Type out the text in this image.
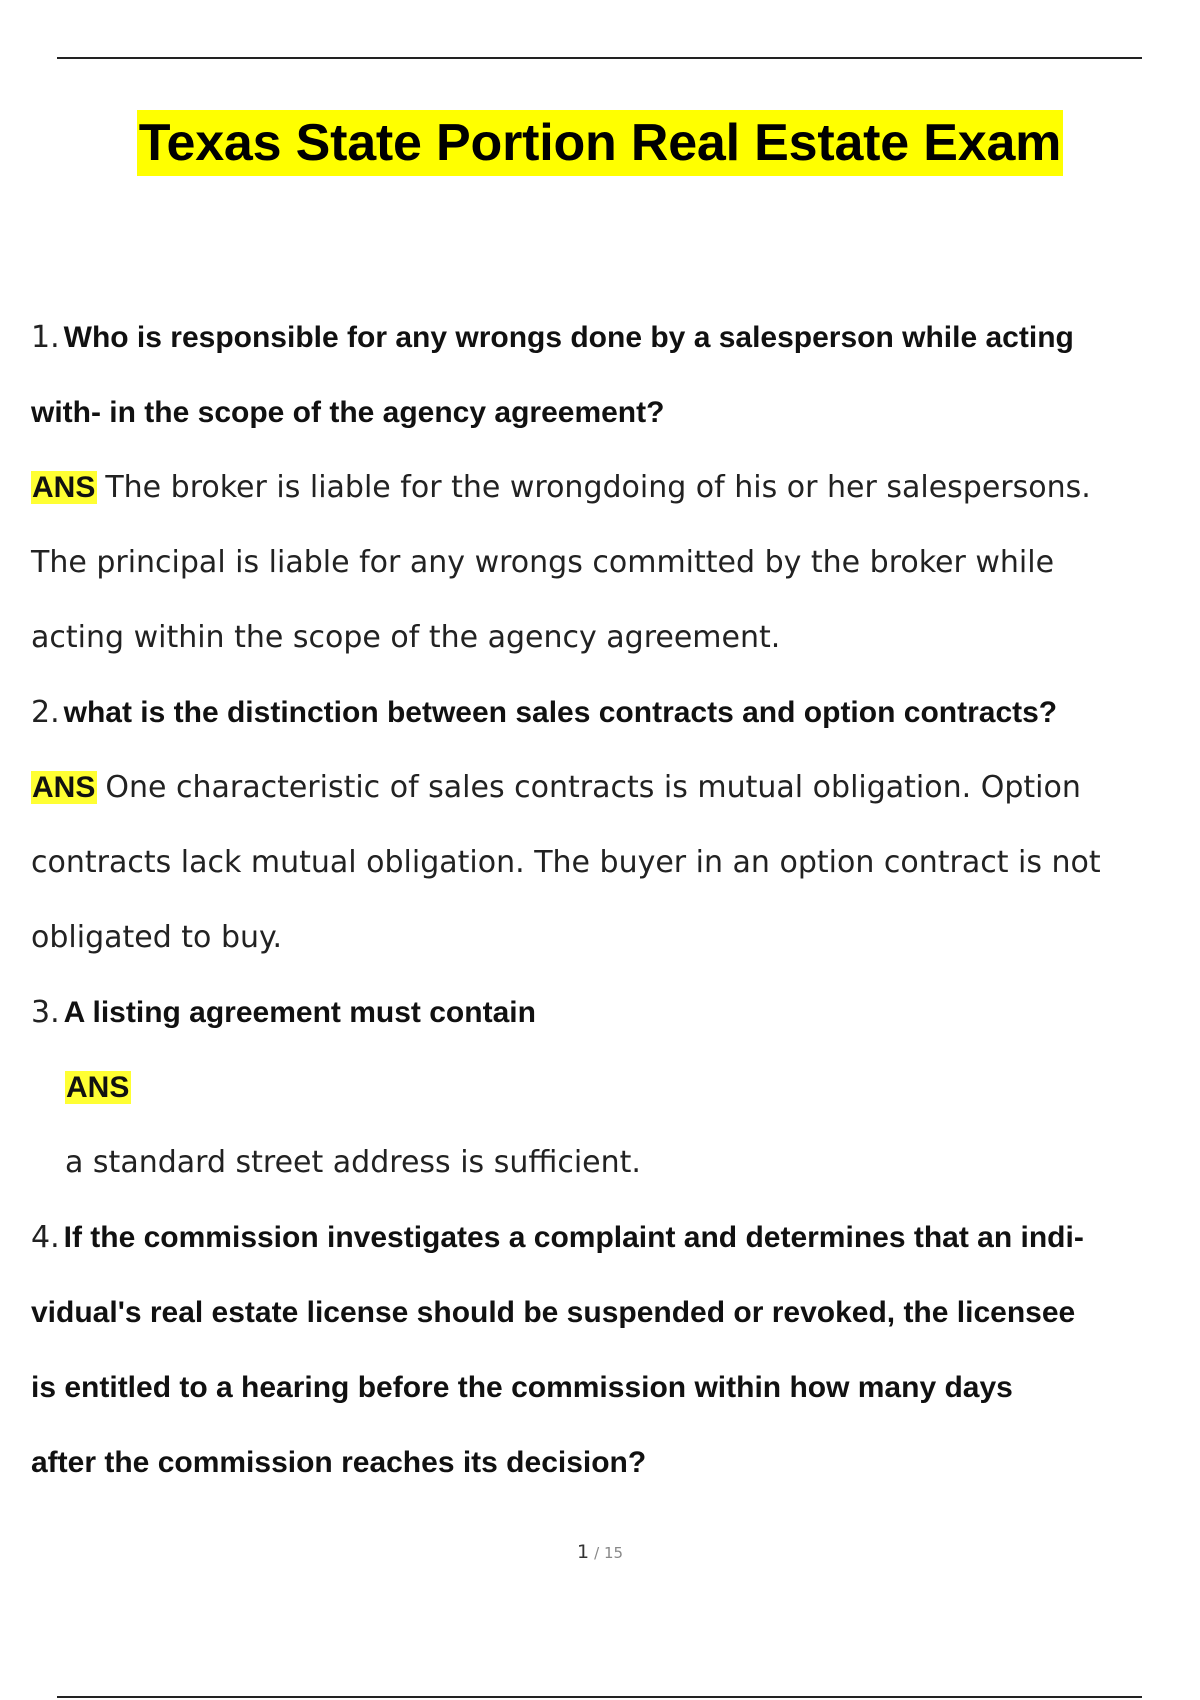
Texas State Portion Real Estate Exam
1. Who is responsible for any wrongs done by a salesperson while acting
with- in the scope of the agency agreement?
ANS The broker is liable for the wrongdoing of his or her salespersons.
The principal is liable for any wrongs committed by the broker while
acting within the scope of the agency agreement.
2. what is the distinction between sales contracts and option contracts?
ANS One characteristic of sales contracts is mutual obligation. Option
contracts lack mutual obligation. The buyer in an option contract is not
obligated to buy.
3. A listing agreement must contain
ANS
a standard street address is sufficient.
4. If the commission investigates a complaint and determines that an indi-
vidual's real estate license should be suspended or revoked, the licensee
is entitled to a hearing before the commission within how many days
after the commission reaches its decision?
1 / 15
